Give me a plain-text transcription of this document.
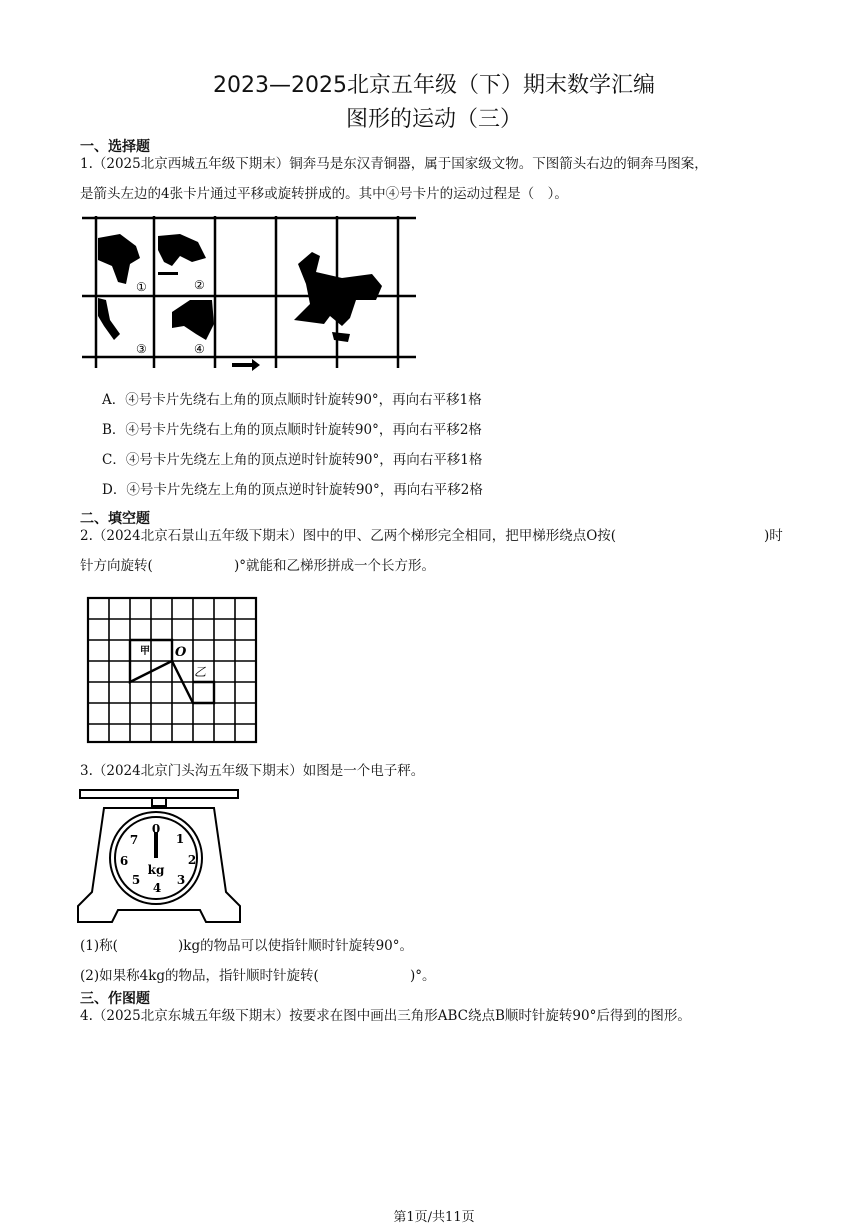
2023—2025北京五年级（下）期末数学汇编
图形的运动（三）
一、选择题
1.（2025北京西城五年级下期末）铜奔马是东汉青铜器，属于国家级文物。下图箭头右边的铜奔马图案，
是箭头左边的4张卡片通过平移或旋转拼成的。其中④号卡片的运动过程是（　）。
①	②
③	④
A．④号卡片先绕右上角的顶点顺时针旋转90°，再向右平移1格
B．④号卡片先绕右上角的顶点顺时针旋转90°，再向右平移2格
C．④号卡片先绕左上角的顶点逆时针旋转90°，再向右平移1格
D．④号卡片先绕左上角的顶点逆时针旋转90°，再向右平移2格
二、填空题
2.（2024北京石景山五年级下期末）图中的甲、乙两个梯形完全相同，把甲梯形绕点O按(	)时
针方向旋转(	)°就能和乙梯形拼成一个长方形。
甲 O
乙
3.（2024北京门头沟五年级下期末）如图是一个电子秤。
0
1
2
3
4
5
6
7
kg
(1)称(	)kg的物品可以使指针顺时针旋转90°。
(2)如果称4kg的物品，指针顺时针旋转(	)°。
三、作图题
4.（2025北京东城五年级下期末）按要求在图中画出三角形ABC绕点B顺时针旋转90°后得到的图形。
第1页/共11页
